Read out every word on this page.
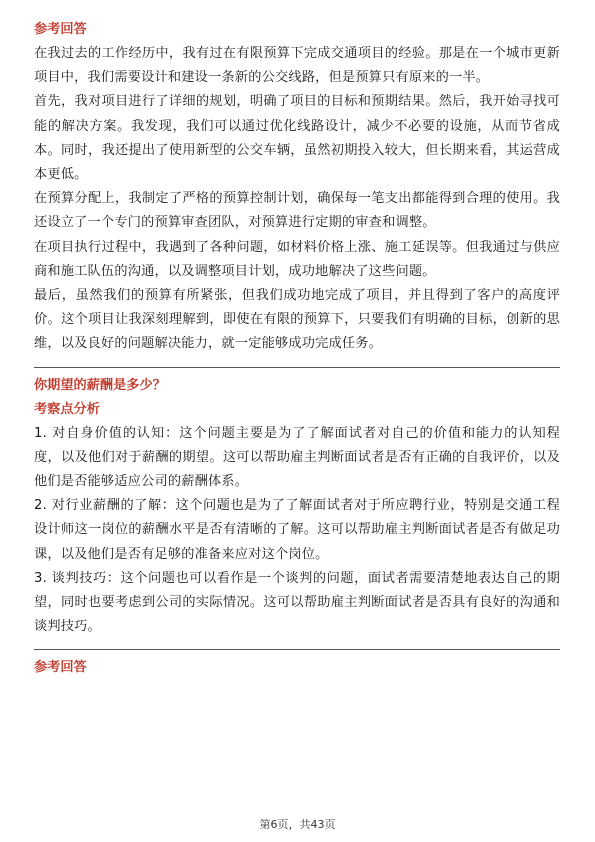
参考回答

在我过去的工作经历中，我有过在有限预算下完成交通项目的经验。那是在一个城市更新项目中，我们需要设计和建设一条新的公交线路，但是预算只有原来的一半。

首先，我对项目进行了详细的规划，明确了项目的目标和预期结果。然后，我开始寻找可能的解决方案。我发现，我们可以通过优化线路设计，减少不必要的设施，从而节省成本。同时，我还提出了使用新型的公交车辆，虽然初期投入较大，但长期来看，其运营成本更低。

在预算分配上，我制定了严格的预算控制计划，确保每一笔支出都能得到合理的使用。我还设立了一个专门的预算审查团队，对预算进行定期的审查和调整。

在项目执行过程中，我遇到了各种问题，如材料价格上涨、施工延误等。但我通过与供应商和施工队伍的沟通，以及调整项目计划，成功地解决了这些问题。

最后，虽然我们的预算有所紧张，但我们成功地完成了项目，并且得到了客户的高度评价。这个项目让我深刻理解到，即使在有限的预算下，只要我们有明确的目标，创新的思维，以及良好的问题解决能力，就一定能够成功完成任务。

你期望的薪酬是多少？

考察点分析

1. 对自身价值的认知：这个问题主要是为了了解面试者对自己的价值和能力的认知程度，以及他们对于薪酬的期望。这可以帮助雇主判断面试者是否有正确的自我评价，以及他们是否能够适应公司的薪酬体系。

2. 对行业薪酬的了解：这个问题也是为了了解面试者对于所应聘行业，特别是交通工程设计师这一岗位的薪酬水平是否有清晰的了解。这可以帮助雇主判断面试者是否有做足功课，以及他们是否有足够的准备来应对这个岗位。

3. 谈判技巧：这个问题也可以看作是一个谈判的问题，面试者需要清楚地表达自己的期望，同时也要考虑到公司的实际情况。这可以帮助雇主判断面试者是否具有良好的沟通和谈判技巧。

参考回答

第6页，共43页
